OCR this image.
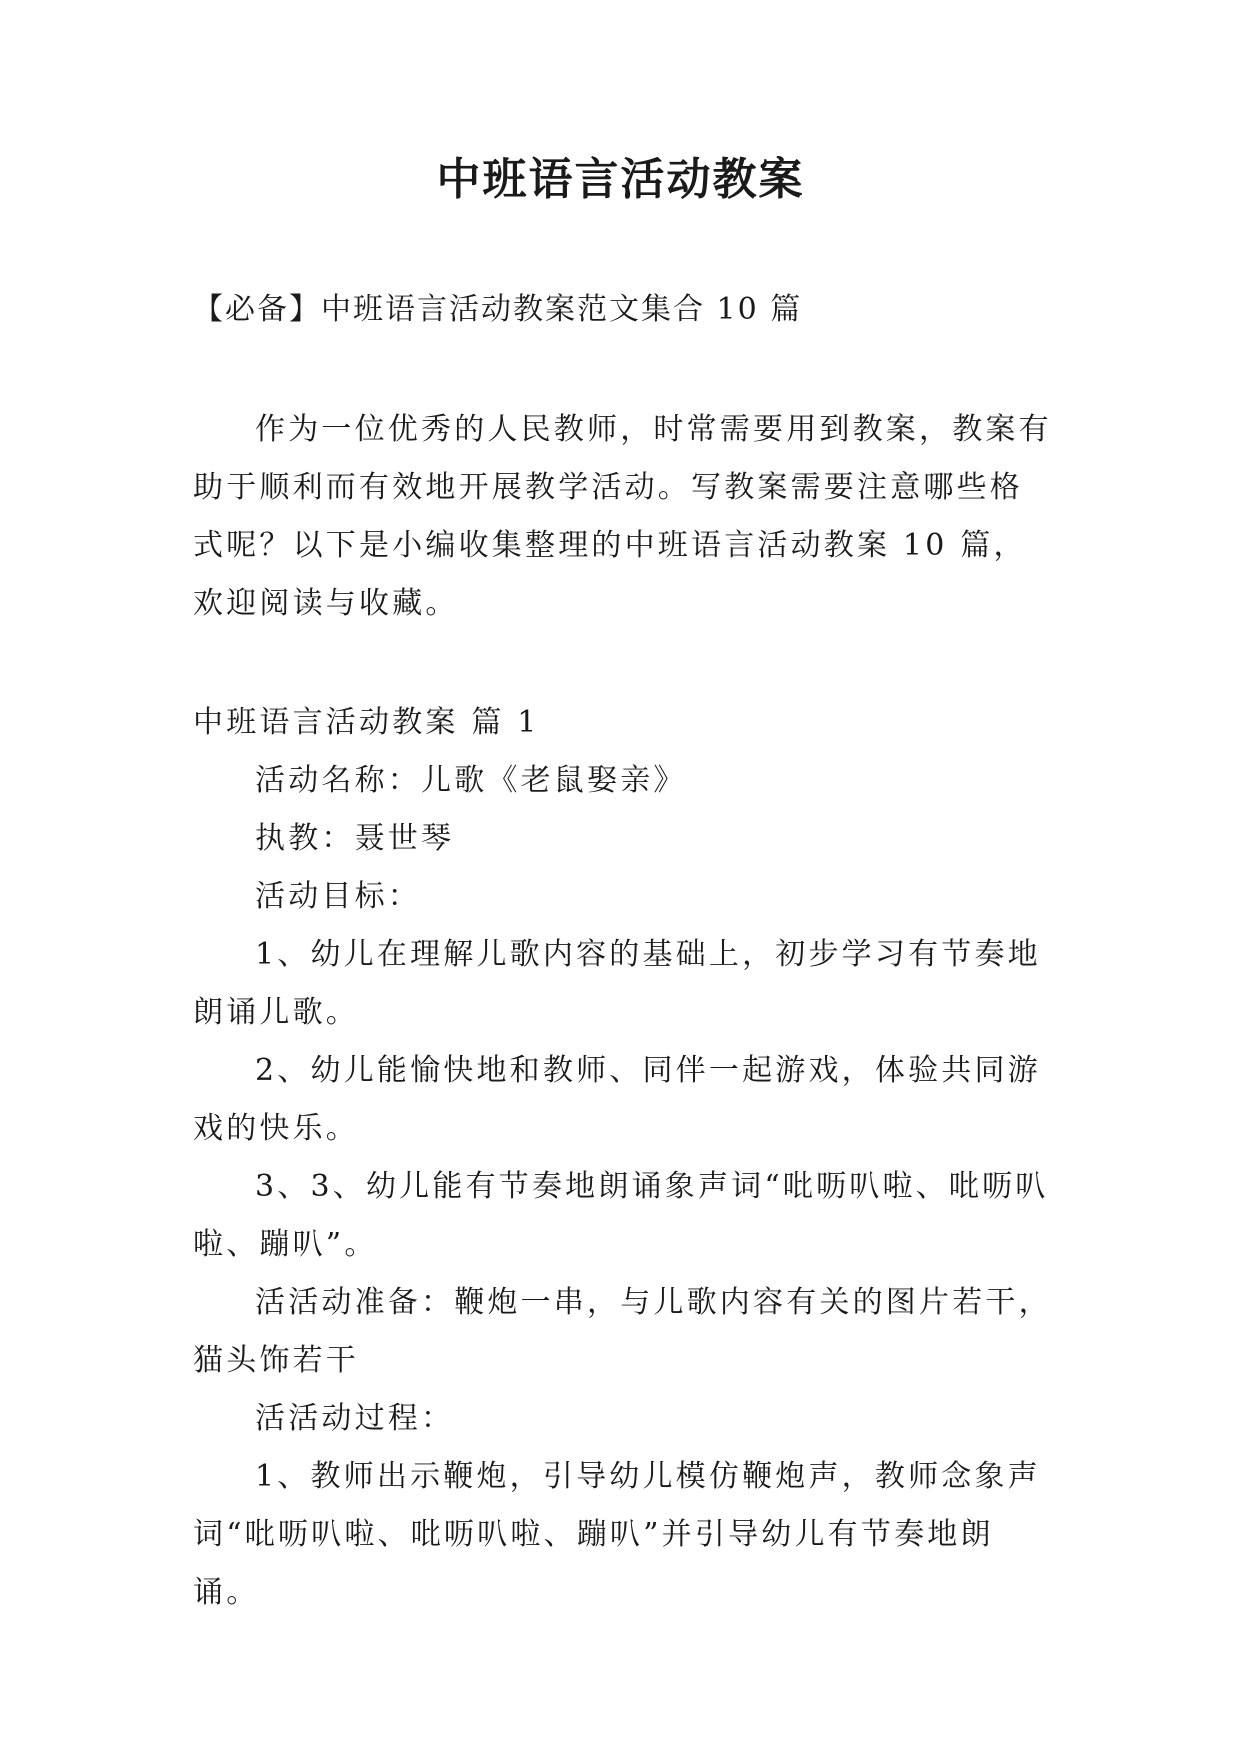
中班语言活动教案

【必备】中班语言活动教案范文集合 10 篇

作为一位优秀的人民教师，时常需要用到教案，教案有助于顺利而有效地开展教学活动。写教案需要注意哪些格式呢？以下是小编收集整理的中班语言活动教案 10 篇，欢迎阅读与收藏。

中班语言活动教案 篇 1

活动名称：儿歌《老鼠娶亲》

执教：聂世琴

活动目标：

1、幼儿在理解儿歌内容的基础上，初步学习有节奏地朗诵儿歌。

2、幼儿能愉快地和教师、同伴一起游戏，体验共同游戏的快乐。

3、3、幼儿能有节奏地朗诵象声词“吡呖叭啦、吡呖叭啦、蹦叭”。

活活动准备：鞭炮一串，与儿歌内容有关的图片若干，猫头饰若干

活活动过程：

1、教师出示鞭炮，引导幼儿模仿鞭炮声，教师念象声词“吡呖叭啦、吡呖叭啦、蹦叭”并引导幼儿有节奏地朗诵。
